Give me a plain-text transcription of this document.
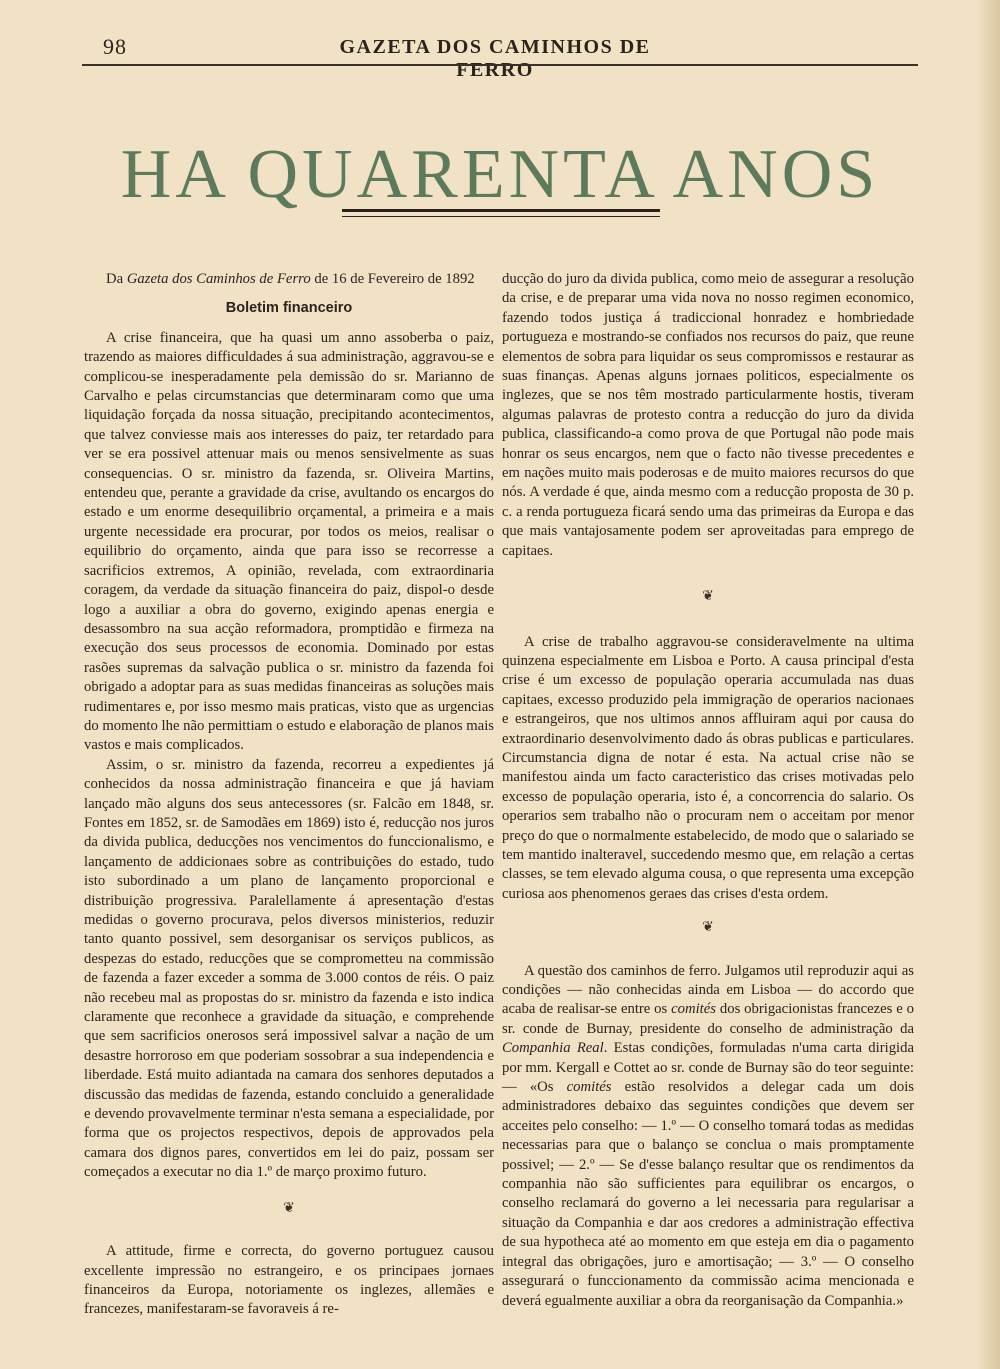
98	GAZETA DOS CAMINHOS DE FERRO
HA QUARENTA ANOS

Da Gazeta dos Caminhos de Ferro de 16 de Fevereiro de 1892

Boletim financeiro

A crise financeira, que ha quasi um anno assoberba o paiz, trazendo as maiores difficuldades á sua administração, aggravou-se e complicou-se inesperadamente pela demissão do sr. Marianno de Carvalho e pelas circumstancias que determinaram como que uma liquidação forçada da nossa situação, precipitando acontecimentos, que talvez conviesse mais aos interesses do paiz, ter retardado para ver se era possivel attenuar mais ou menos sensivelmente as suas consequencias. O sr. ministro da fazenda, sr. Oliveira Martins, entendeu que, perante a gravidade da crise, avultando os encargos do estado e um enorme desequilibrio orçamental, a primeira e a mais urgente necessidade era procurar, por todos os meios, realisar o equilibrio do orçamento, ainda que para isso se recorresse a sacrificios extremos, A opinião, revelada, com extraordinaria coragem, da verdade da situação financeira do paiz, dispol-o desde logo a auxiliar a obra do governo, exigindo apenas energia e desassombro na sua acção reformadora, promptidão e firmeza na execução dos seus processos de economia. Dominado por estas rasões supremas da salvação publica o sr. ministro da fazenda foi obrigado a adoptar para as suas medidas financeiras as soluções mais rudimentares e, por isso mesmo mais praticas, visto que as urgencias do momento lhe não permittiam o estudo e elaboração de planos mais vastos e mais complicados.

Assim, o sr. ministro da fazenda, recorreu a expedientes já conhecidos da nossa administração financeira e que já haviam lançado mão alguns dos seus antecessores (sr. Falcão em 1848, sr. Fontes em 1852, sr. de Samodães em 1869) isto é, reducção nos juros da divida publica, deducções nos vencimentos do funccionalismo, e lançamento de addicionaes sobre as contribuições do estado, tudo isto subordinado a um plano de lançamento proporcional e distribuição progressiva. Paralellamente á apresentação d'estas medidas o governo procurava, pelos diversos ministerios, reduzir tanto quanto possivel, sem desorganisar os serviços publicos, as despezas do estado, reducções que se comprometteu na commissão de fazenda a fazer exceder a somma de 3.000 contos de réis. O paiz não recebeu mal as propostas do sr. ministro da fazenda e isto indica claramente que reconhece a gravidade da situação, e comprehende que sem sacrificios onerosos será impossivel salvar a nação de um desastre horroroso em que poderiam sossobrar a sua independencia e liberdade. Está muito adiantada na camara dos senhores deputados a discussão das medidas de fazenda, estando concluido a generalidade e devendo provavelmente terminar n'esta semana a especialidade, por forma que os projectos respectivos, depois de approvados pela camara dos dignos pares, convertidos em lei do paiz, possam ser começados a executar no dia 1.º de março proximo futuro.

❦

A attitude, firme e correcta, do governo portuguez causou excellente impressão no estrangeiro, e os principaes jornaes financeiros da Europa, notoriamente os inglezes, allemães e francezes, manifestaram-se favoraveis á re-

ducção do juro da divida publica, como meio de assegurar a resolução da crise, e de preparar uma vida nova no nosso regimen economico, fazendo todos justiça á tradiccional honradez e hombriedade portugueza e mostrando-se confiados nos recursos do paiz, que reune elementos de sobra para liquidar os seus compromissos e restaurar as suas finanças. Apenas alguns jornaes politicos, especialmente os inglezes, que se nos têm mostrado particularmente hostis, tiveram algumas palavras de protesto contra a reducção do juro da divida publica, classificando-a como prova de que Portugal não pode mais honrar os seus encargos, nem que o facto não tivesse precedentes e em nações muito mais poderosas e de muito maiores recursos do que nós. A verdade é que, ainda mesmo com a reducção proposta de 30 p. c. a renda portugueza ficará sendo uma das primeiras da Europa e das que mais vantajosamente podem ser aproveitadas para emprego de capitaes.

❦

A crise de trabalho aggravou-se consideravelmente na ultima quinzena especialmente em Lisboa e Porto. A causa principal d'esta crise é um excesso de população operaria accumulada nas duas capitaes, excesso produzido pela immigração de operarios nacionaes e estrangeiros, que nos ultimos annos affluiram aqui por causa do extraordinario desenvolvimento dado ás obras publicas e particulares. Circumstancia digna de notar é esta. Na actual crise não se manifestou ainda um facto caracteristico das crises motivadas pelo excesso de população operaria, isto é, a concorrencia do salario. Os operarios sem trabalho não o procuram nem o acceitam por menor preço do que o normalmente estabelecido, de modo que o salariado se tem mantido inalteravel, succedendo mesmo que, em relação a certas classes, se tem elevado alguma cousa, o que representa uma excepção curiosa aos phenomenos geraes das crises d'esta ordem.

❦

A questão dos caminhos de ferro. Julgamos util reproduzir aqui as condições — não conhecidas ainda em Lisboa — do accordo que acaba de realisar-se entre os comités dos obrigacionistas francezes e o sr. conde de Burnay, presidente do conselho de administração da Companhia Real. Estas condições, formuladas n'uma carta dirigida por mm. Kergall e Cottet ao sr. conde de Burnay são do teor seguinte: — «Os comités estão resolvidos a delegar cada um dois administradores debaixo das seguintes condições que devem ser acceites pelo conselho: — 1.º — O conselho tomará todas as medidas necessarias para que o balanço se conclua o mais promptamente possivel; — 2.º — Se d'esse balanço resultar que os rendimentos da companhia não são sufficientes para equilibrar os encargos, o conselho reclamará do governo a lei necessaria para regularisar a situação da Companhia e dar aos credores a administração effectiva de sua hypotheca até ao momento em que esteja em dia o pagamento integral das obrigações, juro e amortisação; — 3.º — O conselho assegurará o funccionamento da commissão acima mencionada e deverá egualmente auxiliar a obra da reorganisação da Companhia.»
